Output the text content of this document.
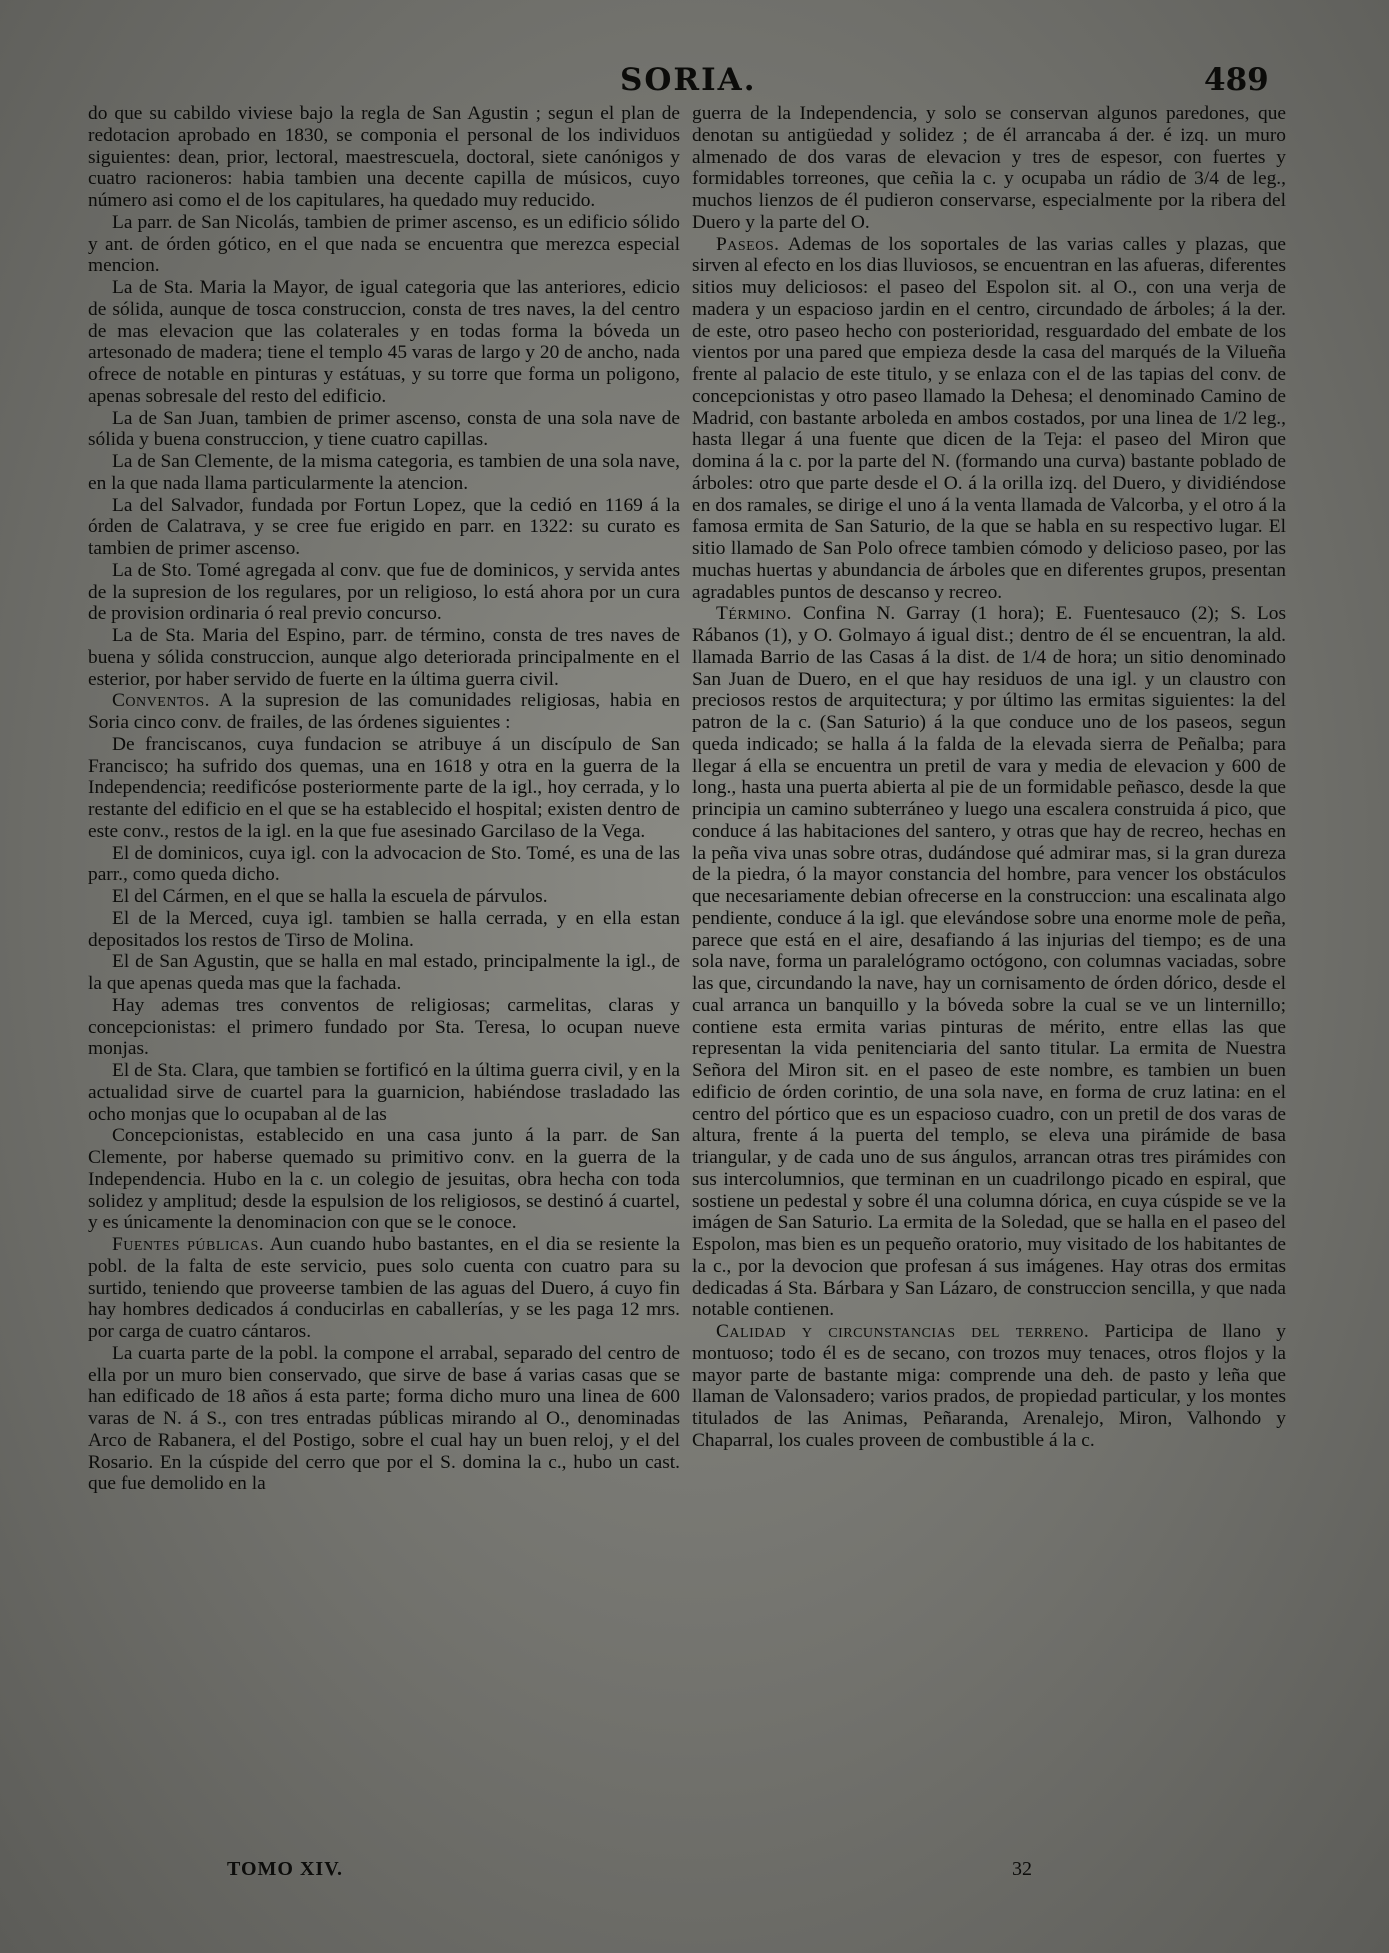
SORIA.	489

do que su cabildo viviese bajo la regla de San Agustin ; segun el plan de redotacion aprobado en 1830, se componia el personal de los individuos siguientes: dean, prior, lectoral, maestrescuela, doctoral, siete canónigos y cuatro racioneros: habia tambien una decente capilla de músicos, cuyo número asi como el de los capitulares, ha quedado muy reducido.

La parr. de San Nicolás, tambien de primer ascenso, es un edificio sólido y ant. de órden gótico, en el que nada se encuentra que merezca especial mencion.

La de Sta. Maria la Mayor, de igual categoria que las anteriores, edicio de sólida, aunque de tosca construccion, consta de tres naves, la del centro de mas elevacion que las colaterales y en todas forma la bóveda un artesonado de madera; tiene el templo 45 varas de largo y 20 de ancho, nada ofrece de notable en pinturas y estátuas, y su torre que forma un poligono, apenas sobresale del resto del edificio.

La de San Juan, tambien de primer ascenso, consta de una sola nave de sólida y buena construccion, y tiene cuatro capillas.

La de San Clemente, de la misma categoria, es tambien de una sola nave, en la que nada llama particularmente la atencion.

La del Salvador, fundada por Fortun Lopez, que la cedió en 1169 á la órden de Calatrava, y se cree fue erigido en parr. en 1322: su curato es tambien de primer ascenso.

La de Sto. Tomé agregada al conv. que fue de dominicos, y servida antes de la supresion de los regulares, por un religioso, lo está ahora por un cura de provision ordinaria ó real previo concurso.

La de Sta. Maria del Espino, parr. de término, consta de tres naves de buena y sólida construccion, aunque algo deteriorada principalmente en el esterior, por haber servido de fuerte en la última guerra civil.

Conventos. A la supresion de las comunidades religiosas, habia en Soria cinco conv. de frailes, de las órdenes siguientes :

De franciscanos, cuya fundacion se atribuye á un discípulo de San Francisco; ha sufrido dos quemas, una en 1618 y otra en la guerra de la Independencia; reedificóse posteriormente parte de la igl., hoy cerrada, y lo restante del edificio en el que se ha establecido el hospital; existen dentro de este conv., restos de la igl. en la que fue asesinado Garcilaso de la Vega.

El de dominicos, cuya igl. con la advocacion de Sto. Tomé, es una de las parr., como queda dicho.

El del Cármen, en el que se halla la escuela de párvulos.

El de la Merced, cuya igl. tambien se halla cerrada, y en ella estan depositados los restos de Tirso de Molina.

El de San Agustin, que se halla en mal estado, principalmente la igl., de la que apenas queda mas que la fachada.

Hay ademas tres conventos de religiosas; carmelitas, claras y concepcionistas: el primero fundado por Sta. Teresa, lo ocupan nueve monjas.

El de Sta. Clara, que tambien se fortificó en la última guerra civil, y en la actualidad sirve de cuartel para la guarnicion, habiéndose trasladado las ocho monjas que lo ocupaban al de las

Concepcionistas, establecido en una casa junto á la parr. de San Clemente, por haberse quemado su primitivo conv. en la guerra de la Independencia. Hubo en la c. un colegio de jesuitas, obra hecha con toda solidez y amplitud; desde la espulsion de los religiosos, se destinó á cuartel, y es únicamente la denominacion con que se le conoce.

Fuentes públicas. Aun cuando hubo bastantes, en el dia se resiente la pobl. de la falta de este servicio, pues solo cuenta con cuatro para su surtido, teniendo que proveerse tambien de las aguas del Duero, á cuyo fin hay hombres dedicados á conducirlas en caballerías, y se les paga 12 mrs. por carga de cuatro cántaros.

La cuarta parte de la pobl. la compone el arrabal, separado del centro de ella por un muro bien conservado, que sirve de base á varias casas que se han edificado de 18 años á esta parte; forma dicho muro una linea de 600 varas de N. á S., con tres entradas públicas mirando al O., denominadas Arco de Rabanera, el del Postigo, sobre el cual hay un buen reloj, y el del Rosario. En la cúspide del cerro que por el S. domina la c., hubo un cast. que fue demolido en la

guerra de la Independencia, y solo se conservan algunos paredones, que denotan su antigüedad y solidez ; de él arrancaba á der. é izq. un muro almenado de dos varas de elevacion y tres de espesor, con fuertes y formidables torreones, que ceñia la c. y ocupaba un rádio de 3/4 de leg., muchos lienzos de él pudieron conservarse, especialmente por la ribera del Duero y la parte del O.

Paseos. Ademas de los soportales de las varias calles y plazas, que sirven al efecto en los dias lluviosos, se encuentran en las afueras, diferentes sitios muy deliciosos: el paseo del Espolon sit. al O., con una verja de madera y un espacioso jardin en el centro, circundado de árboles; á la der. de este, otro paseo hecho con posterioridad, resguardado del embate de los vientos por una pared que empieza desde la casa del marqués de la Vilueña frente al palacio de este titulo, y se enlaza con el de las tapias del conv. de concepcionistas y otro paseo llamado la Dehesa; el denominado Camino de Madrid, con bastante arboleda en ambos costados, por una linea de 1/2 leg., hasta llegar á una fuente que dicen de la Teja: el paseo del Miron que domina á la c. por la parte del N. (formando una curva) bastante poblado de árboles: otro que parte desde el O. á la orilla izq. del Duero, y dividiéndose en dos ramales, se dirige el uno á la venta llamada de Valcorba, y el otro á la famosa ermita de San Saturio, de la que se habla en su respectivo lugar. El sitio llamado de San Polo ofrece tambien cómodo y delicioso paseo, por las muchas huertas y abundancia de árboles que en diferentes grupos, presentan agradables puntos de descanso y recreo.

Término. Confina N. Garray (1 hora); E. Fuentesauco (2); S. Los Rábanos (1), y O. Golmayo á igual dist.; dentro de él se encuentran, la ald. llamada Barrio de las Casas á la dist. de 1/4 de hora; un sitio denominado San Juan de Duero, en el que hay residuos de una igl. y un claustro con preciosos restos de arquitectura; y por último las ermitas siguientes: la del patron de la c. (San Saturio) á la que conduce uno de los paseos, segun queda indicado; se halla á la falda de la elevada sierra de Peñalba; para llegar á ella se encuentra un pretil de vara y media de elevacion y 600 de long., hasta una puerta abierta al pie de un formidable peñasco, desde la que principia un camino subterráneo y luego una escalera construida á pico, que conduce á las habitaciones del santero, y otras que hay de recreo, hechas en la peña viva unas sobre otras, dudándose qué admirar mas, si la gran dureza de la piedra, ó la mayor constancia del hombre, para vencer los obstáculos que necesariamente debian ofrecerse en la construccion: una escalinata algo pendiente, conduce á la igl. que elevándose sobre una enorme mole de peña, parece que está en el aire, desafiando á las injurias del tiempo; es de una sola nave, forma un paralelógramo octógono, con columnas vaciadas, sobre las que, circundando la nave, hay un cornisamento de órden dórico, desde el cual arranca un banquillo y la bóveda sobre la cual se ve un linternillo; contiene esta ermita varias pinturas de mérito, entre ellas las que representan la vida penitenciaria del santo titular. La ermita de Nuestra Señora del Miron sit. en el paseo de este nombre, es tambien un buen edificio de órden corintio, de una sola nave, en forma de cruz latina: en el centro del pórtico que es un espacioso cuadro, con un pretil de dos varas de altura, frente á la puerta del templo, se eleva una pirámide de basa triangular, y de cada uno de sus ángulos, arrancan otras tres pirámides con sus intercolumnios, que terminan en un cuadrilongo picado en espiral, que sostiene un pedestal y sobre él una columna dórica, en cuya cúspide se ve la imágen de San Saturio. La ermita de la Soledad, que se halla en el paseo del Espolon, mas bien es un pequeño oratorio, muy visitado de los habitantes de la c., por la devocion que profesan á sus imágenes. Hay otras dos ermitas dedicadas á Sta. Bárbara y San Lázaro, de construccion sencilla, y que nada notable contienen.

Calidad y circunstancias del terreno. Participa de llano y montuoso; todo él es de secano, con trozos muy tenaces, otros flojos y la mayor parte de bastante miga: comprende una deh. de pasto y leña que llaman de Valonsadero; varios prados, de propiedad particular, y los montes titulados de las Animas, Peñaranda, Arenalejo, Miron, Valhondo y Chaparral, los cuales proveen de combustible á la c.

TOMO XIV.	32
